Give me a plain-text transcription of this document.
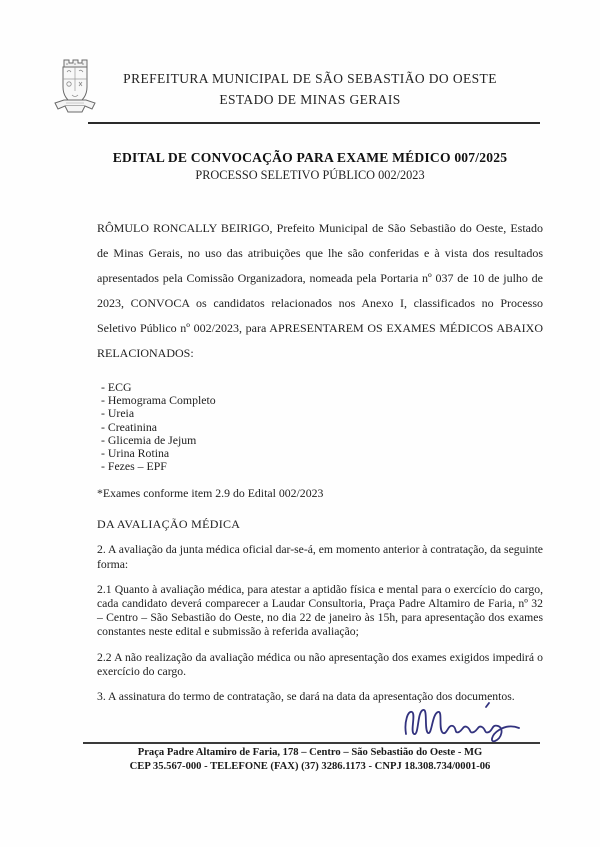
PREFEITURA MUNICIPAL DE SÃO SEBASTIÃO DO OESTE
ESTADO DE MINAS GERAIS
EDITAL DE CONVOCAÇÃO PARA EXAME MÉDICO 007/2025
PROCESSO SELETIVO PÚBLICO 002/2023

RÔMULO RONCALLY BEIRIGO, Prefeito Municipal de São Sebastião do Oeste, Estado de Minas Gerais, no uso das atribuições que lhe são conferidas e à vista dos resultados apresentados pela Comissão Organizadora, nomeada pela Portaria nº 037 de 10 de julho de 2023, CONVOCA os candidatos relacionados nos Anexo I, classificados no Processo Seletivo Público nº 002/2023, para APRESENTAREM OS EXAMES MÉDICOS ABAIXO RELACIONADOS:

- ECG
- Hemograma Completo
- Ureia
- Creatinina
- Glicemia de Jejum
- Urina Rotina
- Fezes – EPF
*Exames conforme item 2.9 do Edital 002/2023
DA AVALIAÇÃO MÉDICA

2. A avaliação da junta médica oficial dar-se-á, em momento anterior à contratação, da seguinte forma:

2.1 Quanto à avaliação médica, para atestar a aptidão física e mental para o exercício do cargo, cada candidato deverá comparecer a Laudar Consultoria, Praça Padre Altamiro de Faria, nº 32 – Centro – São Sebastião do Oeste, no dia 22 de janeiro às 15h, para apresentação dos exames constantes neste edital e submissão à referida avaliação;

2.2 A não realização da avaliação médica ou não apresentação dos exames exigidos impedirá o exercício do cargo.

3. A assinatura do termo de contratação, se dará na data da apresentação dos documentos.

Praça Padre Altamiro de Faria, 178 – Centro – São Sebastião do Oeste - MG
CEP 35.567-000 - TELEFONE (FAX) (37) 3286.1173 - CNPJ 18.308.734/0001-06
